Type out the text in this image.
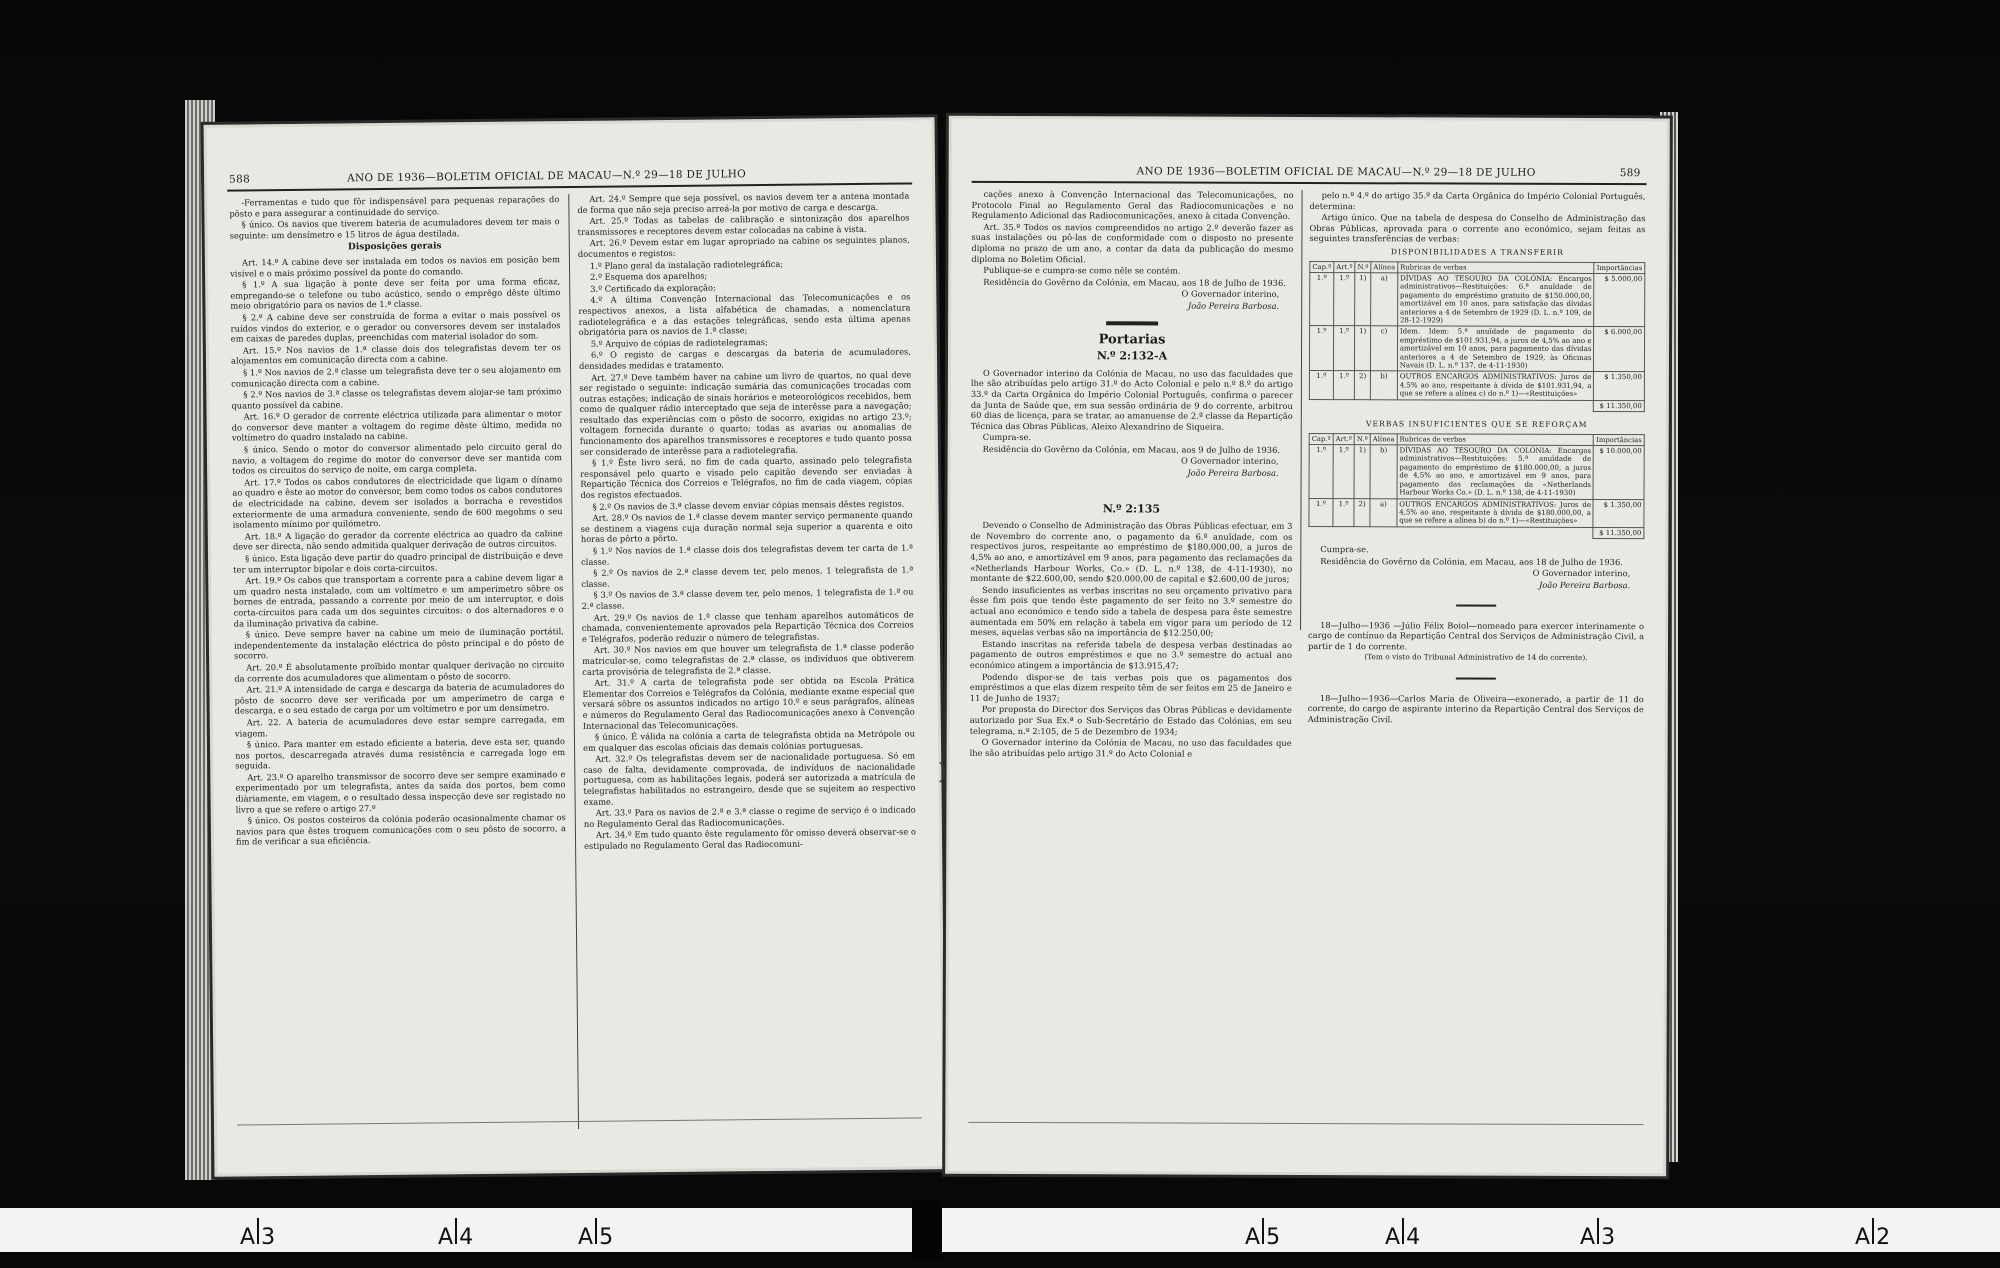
588	ANO DE 1936—BOLETIM OFICIAL DE MACAU—N.º 29—18 DE JULHO

-Ferramentas e tudo que fôr indispensável para pequenas reparações do pôsto e para assegurar a continuidade do serviço.

§ único. Os navios que tiverem bateria de acumuladores devem ter mais o seguinte: um densímetro e 15 litros de água destilada.

Disposições gerais

Art. 14.º A cabine deve ser instalada em todos os navios em posição bem visível e o mais próximo possível da ponte do comando.

§ 1.º A sua ligação à ponte deve ser feita por uma forma eficaz, empregando-se o telefone ou tubo acústico, sendo o emprêgo dêste último meio obrigatório para os navios de 1.ª classe.

§ 2.º A cabine deve ser construída de forma a evitar o mais possível os ruídos vindos do exterior, e o gerador ou conversores devem ser instalados em caixas de paredes duplas, preenchidas com material isolador do som.

Art. 15.º Nos navios de 1.ª classe dois dos telegrafistas devem ter os alojamentos em comunicação directa com a cabine.

§ 1.º Nos navios de 2.ª classe um telegrafista deve ter o seu alojamento em comunicação directa com a cabine.

§ 2.º Nos navios de 3.ª classe os telegrafistas devem alojar-se tam próximo quanto possível da cabine.

Art. 16.º O gerador de corrente eléctrica utilizada para alimentar o motor do conversor deve manter a voltagem do regime dêste último, medida no voltímetro do quadro instalado na cabine.

§ único. Sendo o motor do conversor alimentado pelo circuito geral do navio, a voltagem do regime do motor do conversor deve ser mantida com todos os circuitos do serviço de noite, em carga completa.

Art. 17.º Todos os cabos condutores de electricidade que ligam o dínamo ao quadro e êste ao motor do conversor, bem como todos os cabos condutores de electricidade na cabine, devem ser isolados a borracha e revestidos exteriormente de uma armadura conveniente, sendo de 600 megohms o seu isolamento mínimo por quilómetro.

Art. 18.º A ligação do gerador da corrente eléctrica ao quadro da cabine deve ser directa, não sendo admitida qualquer derivação de outros circuitos.

§ único. Esta ligação deve partir do quadro principal de distribuição e deve ter um interruptor bipolar e dois corta-circuitos.

Art. 19.º Os cabos que transportam a corrente para a cabine devem ligar a um quadro nesta instalado, com um voltímetro e um amperímetro sôbre os bornes de entrada, passando a corrente por meio de um interruptor, e dois corta-circuitos para cada um dos seguintes circuitos: o dos alternadores e o da iluminação privativa da cabine.

§ único. Deve sempre haver na cabine um meio de iluminação portátil, independentemente da instalação eléctrica do pôsto principal e do pôsto de socorro.

Art. 20.º É absolutamente proïbido montar qualquer derivação no circuito da corrente dos acumuladores que alimentam o pôsto de socorro.

Art. 21.º A intensidade de carga e descarga da bateria de acumuladores do pôsto de socorro deve ser verificada por um amperímetro de carga e descarga, e o seu estado de carga por um voltímetro e por um densímetro.

Art. 22. A bateria de acumuladores deve estar sempre carregada, em viagem.

§ único. Para manter em estado eficiente a bateria, deve esta ser, quando nos portos, descarregada através duma resistência e carregada logo em seguida.

Art. 23.º O aparelho transmissor de socorro deve ser sempre examinado e experimentado por um telegrafista, antes da saída dos portos, bem como diàriamente, em viagem, e o resultado dessa inspecção deve ser registado no livro a que se refere o artigo 27.º

§ único. Os postos costeiros da colónia poderão ocasionalmente chamar os navios para que êstes troquem comunicações com o seu pôsto de socorro, a fim de verificar a sua eficiência.

Art. 24.º Sempre que seja possível, os navios devem ter a antena montada de forma que não seja preciso arreá-la por motivo de carga e descarga.

Art. 25.º Todas as tabelas de calibração e sintonização dos aparelhos transmissores e receptores devem estar colocadas na cabine à vista.

Art. 26.º Devem estar em lugar apropriado na cabine os seguintes planos, documentos e registos:

1.º Plano geral da instalação radiotelegráfica;

2.º Esquema dos aparelhos;

3.º Certificado da exploração;

4.º A última Convenção Internacional das Telecomunicações e os respectivos anexos, a lista alfabética de chamadas, a nomenclatura radiotelegráfica e a das estações telegráficas, sendo esta última apenas obrigatória para os navios de 1.ª classe;

5.º Arquivo de cópias de radiotelegramas;

6.º O registo de cargas e descargas da bateria de acumuladores, densidades medidas e tratamento.

Art. 27.º Deve também haver na cabine um livro de quartos, no qual deve ser registado o seguinte: indicação sumária das comunicações trocadas com outras estações; indicação de sinais horários e meteorológicos recebidos, bem como de qualquer rádio interceptado que seja de interêsse para a navegação; resultado das experiências com o pôsto de socorro, exigidas no artigo 23.º; voltagem fornecida durante o quarto; todas as avarias ou anomalias de funcionamento dos aparelhos transmissores e receptores e tudo quanto possa ser considerado de interêsse para a radiotelegrafia.

§ 1.º Êste livro será, no fim de cada quarto, assinado pelo telegrafista responsável pelo quarto e visado pelo capitão devendo ser enviadas à Repartição Técnica dos Correios e Telégrafos, no fim de cada viagem, cópias dos registos efectuados.

§ 2.º Os navios de 3.ª classe devem enviar cópias mensais dêstes registos.

Art. 28.º Os navios de 1.ª classe devem manter serviço permanente quando se destinem a viagens cuja duração normal seja superior a quarenta e oito horas de pôrto a pôrto.

§ 1.º Nos navios de 1.ª classe dois dos telegrafistas devem ter carta de 1.ª classe.

§ 2.º Os navios de 2.ª classe devem ter, pelo menos, 1 telegrafista de 1.ª classe.

§ 3.º Os navios de 3.ª classe devem ter, pelo menos, 1 telegrafista de 1.ª ou 2.ª classe.

Art. 29.º Os navios de 1.ª classe que tenham aparelhos automáticos de chamada, convenientemente aprovados pela Repartição Técnica dos Correios e Telégrafos, poderão reduzir o número de telegrafistas.

Art. 30.º Nos navios em que houver um telegrafista de 1.ª classe poderão matricular-se, como telegrafistas de 2.ª classe, os indivíduos que obtiverem carta provisória de telegrafista de 2.ª classe.

Art. 31.º A carta de telegrafista pode ser obtida na Escola Prática Elementar dos Correios e Telégrafos da Colónia, mediante exame especial que versará sôbre os assuntos indicados no artigo 10.º e seus parágrafos, alíneas e números do Regulamento Geral das Radiocomunicações anexo à Convenção Internacional das Telecomunicações.

§ único. É válida na colónia a carta de telegrafista obtida na Metrópole ou em qualquer das escolas oficiais das demais colónias portuguesas.

Art. 32.º Os telegrafistas devem ser de nacionalidade portuguesa. Só em caso de falta, devidamente comprovada, de indivíduos de nacionalidade portuguesa, com as habilitações legais, poderá ser autorizada a matrícula de telegrafistas habilitados no estrangeiro, desde que se sujeitem ao respectivo exame.

Art. 33.º Para os navios de 2.ª e 3.ª classe o regime de serviço é o indicado no Regulamento Geral das Radiocomunicações.

Art. 34.º Em tudo quanto êste regulamento fôr omisso deverá observar-se o estipulado no Regulamento Geral das Radiocomuni-

ANO DE 1936—BOLETIM OFICIAL DE MACAU—N.º 29—18 DE JULHO	589

cações anexo à Convenção Internacional das Telecomunicações, no Protocolo Final ao Regulamento Geral das Radiocomunicações e no Regulamento Adicional das Radiocomunicações, anexo à citada Convenção.

Art. 35.º Todos os navios compreendidos no artigo 2.º deverão fazer as suas instalações ou pô-las de conformidade com o disposto no presente diploma no prazo de um ano, a contar da data da publicação do mesmo diploma no Boletim Oficial.

Publique-se e cumpra-se como nêle se contém.

Residência do Govêrno da Colónia, em Macau, aos 18 de Julho de 1936.

O Governador interino,

João Pereira Barbosa.

Portarias
N.º 2:132-A

O Governador interino da Colónia de Macau, no uso das faculdades que lhe são atribuídas pelo artigo 31.º do Acto Colonial e pelo n.º 8.º do artigo 33.º da Carta Orgânica do Império Colonial Português, confirma o parecer da Junta de Saúde que, em sua sessão ordinária de 9 do corrente, arbitrou 60 dias de licença, para se tratar, ao amanuense de 2.ª classe da Repartição Técnica das Obras Públicas, Aleixo Alexandrino de Siqueira.

Cumpra-se.

Residência do Govêrno da Colónia, em Macau, aos 9 de Julho de 1936.

O Governador interino,

João Pereira Barbosa.

N.º 2:135

Devendo o Conselho de Administração das Obras Públicas efectuar, em 3 de Novembro do corrente ano, o pagamento da 6.ª anuïdade, com os respectivos juros, respeitante ao empréstimo de $180.000,00, a juros de 4,5% ao ano, e amortizável em 9 anos, para pagamento das reclamações da «Netherlands Harbour Works, Co.» (D. L. n.º 138, de 4-11-1930), no montante de $22.600,00, sendo $20.000,00 de capital e $2.600,00 de juros;

Sendo insuficientes as verbas inscritas no seu orçamento privativo para êsse fim pois que tendo êste pagamento de ser feito no 3.º semestre do actual ano económico e tendo sido a tabela de despesa para êste semestre aumentada em 50% em relação à tabela em vigor para um período de 12 meses, aquelas verbas são na importância de $12.250,00;

Estando inscritas na referida tabela de despesa verbas destinadas ao pagamento de outros empréstimos e que no 3.º semestre do actual ano económico atingem a importância de $13.915,47;

Podendo dispor-se de tais verbas pois que os pagamentos dos empréstimos a que elas dizem respeito têm de ser feitos em 25 de Janeiro e 11 de Junho de 1937;

Por proposta do Director dos Serviços das Obras Públicas e devidamente autorizado por Sua Ex.ª o Sub-Secretário de Estado das Colónias, em seu telegrama, n.º 2:105, de 5 de Dezembro de 1934;

O Governador interino da Colónia de Macau, no uso das faculdades que lhe são atribuídas pelo artigo 31.º do Acto Colonial e

pelo n.º 4.º do artigo 35.º da Carta Orgânica do Império Colonial Português, determina:

Artigo único. Que na tabela de despesa do Conselho de Administração das Obras Públicas, aprovada para o corrente ano económico, sejam feitas as seguintes transferências de verbas:

DISPONIBILIDADES A TRANSFERIR
Cap.º	Art.º	N.º	Alínea	Rubricas de verbas	Importâncias
1.º	1.º	1)	a)	DÍVIDAS AO TESOURO DA COLÓNIA: Encargos administrativos—Restituições: 6.ª anuïdade de pagamento do empréstimo gratuito de $150.000,00, amortizável em 10 anos, para satisfação das dívidas anteriores a 4 de Setembro de 1929 (D. L. n.º 109, de 28-12-1929)	$ 5.000,00
1.º	1.º	1)	c)	Idem. Idem: 5.ª anuïdade de pagamento do empréstimo de $101.931,94, a juros de 4,5% ao ano e amortizável em 10 anos, para pagamento das dívidas anteriores a 4 de Setembro de 1929, às Oficinas Navais (D. L. n.º 137, de 4-11-1930)	$ 6.000,00
1.º	1.º	2)	b)	OUTROS ENCARGOS ADMINISTRATIVOS: Juros de 4,5% ao ano, respeitante à dívida de $101.931,94, a que se refere a alínea c) do n.º 1)—«Restituições»	$ 1.350,00
					$ 11.350,00
VERBAS INSUFICIENTES QUE SE REFORÇAM
Cap.º	Art.º	N.º	Alínea	Rubricas de verbas	Importâncias
1.º	1.º	1)	b)	DÍVIDAS AO TESOURO DA COLÓNIA: Encargos administrativos—Restituições: 5.ª anuïdade de pagamento do empréstimo de $180.000,00, a juros de 4,5% ao ano, e amortizável em 9 anos, para pagamento das reclamações da «Netherlands Harbour Works Co.» (D. L. n.º 138, de 4-11-1930)	$ 10.000,00
1.º	1.º	2)	a)	OUTROS ENCARGOS ADMINISTRATIVOS: Juros de 4,5% ao ano, respeitante à dívida de $180.000,00, a que se refere a alínea b) do n.º 1)—«Restituições»	$ 1.350,00
					$ 11.350,00

Cumpra-se.

Residência do Govêrno da Colónia, em Macau, aos 18 de Julho de 1936.

O Governador interino,

João Pereira Barbosa.

18—Julho—1936 —Júlio Félix Boiol—nomeado para exercer interinamente o cargo de contínuo da Repartição Central dos Serviços de Administração Civil, a partir de 1 do corrente.

(Tem o visto do Tribunal Administrativo de 14 do corrente).

18—Julho—1936—Carlos Maria de Oliveira—exonerado, a partir de 11 do corrente, do cargo de aspirante interino da Repartição Central dos Serviços de Administração Civil.

)
A 3	A 4	A 5	A 5	A 4	A 3	A 2
